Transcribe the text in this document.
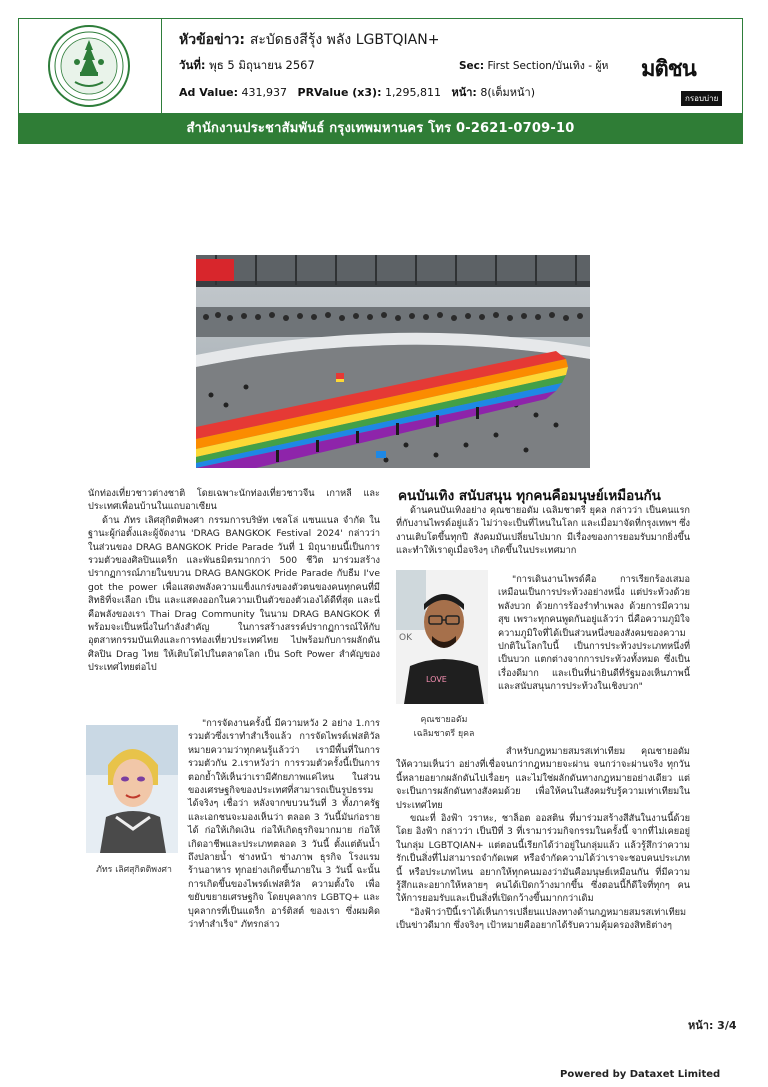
หัวข้อข่าว: สะบัดธงสีรุ้ง พลัง LGBTQIAN+
วันที่: พุธ 5 มิถุนายน 2567	Sec: First Section/บันเทิง - ผู้ห
Ad Value: 431,937 PRValue (x3): 1,295,811 หน้า: 8(เต็มหน้า)
มติชน
กรอบบ่าย
สำนักงานประชาสัมพันธ์ กรุงเทพมหานคร โทร 0-2621-0709-10

นักท่องเที่ยวชาวต่างชาติ โดยเฉพาะนักท่องเที่ยวชาวจีน เกาหลี และประเทศเพื่อนบ้านในแถบอาเซียน

ด้าน ภัทร เลิศสุกิตติพงศา กรรมการบริษัท เชลโล่ แซนแนล จำกัด ในฐานะผู้ก่อตั้งและผู้จัดงาน 'DRAG BANGKOK Festival 2024' กล่าวว่า ในส่วนของ DRAG BANGKOK Pride Parade วันที่ 1 มิถุนายนนี้เป็นการรวมตัวของศิลปินแดร็ก และพันธมิตรมากกว่า 500 ชีวิต มาร่วมสร้างปรากฏการณ์ภายในขบวน DRAG BANGKOK Pride Parade กับธีม I've got the power เพื่อแสดงพลังความแข็งแกร่งของตัวตนของคนทุกคนที่มีสิทธิที่จะเลือก เป็น และแสดงออกในความเป็นตัวของตัวเองได้ดีที่สุด และนี่คือพลังของเรา Thai Drag Community ในนาม DRAG BANGKOK ที่พร้อมจะเป็นหนึ่งในกำลังสำคัญ ในการสร้างสรรค์ปรากฏการณ์ให้กับอุตสาหกรรมบันเทิงและการท่องเที่ยวประเทศไทย ไปพร้อมกับการผลักดันศิลปิน Drag ไทย ให้เติบโตไปในตลาดโลก เป็น Soft Power สำคัญของประเทศไทยต่อไป

"การจัดงานครั้งนี้ มีความหวัง 2 อย่าง 1.การรวมตัวซึ่งเราทำสำเร็จแล้ว การจัดไพรด์เฟสติวัล หมายความว่าทุกคนรู้แล้วว่า เรามีพื้นที่ในการรวมตัวกัน 2.เราหวังว่า การรวมตัวครั้งนี้เป็นการตอกย้ำให้เห็นว่าเรามีศักยภาพแค่ไหน ในส่วนของเศรษฐกิจของประเทศที่สามารถเป็นรูปธรรมได้จริงๆ เชื่อว่า หลังจากขบวนวันที่ 3 ทั้งภาครัฐและเอกชนจะมองเห็นว่า ตลอด 3 วันนี้มันก่อรายได้ ก่อให้เกิดเงิน ก่อให้เกิดธุรกิจมากมาย ก่อให้เกิดอาชีพและประเภทตลอด 3 วันนี้ ตั้งแต่ต้นน้ำถึงปลายน้ำ ช่างหน้า ช่างภาพ ธุรกิจ โรงแรม ร้านอาหาร ทุกอย่างเกิดขึ้นภายใน 3 วันนี้ ฉะนั้นการเกิดขึ้นของไพรด์เฟสติวัล ความตั้งใจ เพื่อขยับขยายเศรษฐกิจ โดยบุคลากร LGBTQ+ และบุคลากรที่เป็นแดร็ก อาร์ติสต์ ของเรา ซึ่งผมคิดว่าทำสำเร็จ" ภัทรกล่าว

ภัทร เลิศสุกิตติพงศา
คนบันเทิง สนับสนุน ทุกคนคือมนุษย์เหมือนกัน

ด้านคนบันเทิงอย่าง คุณชายอดัม เฉลิมชาตรี ยุคล กล่าวว่า เป็นคนแรกที่กับงานไพรด์อยู่แล้ว ไม่ว่าจะเป็นที่ไหนในโลก และเมื่อมาจัดที่กรุงเทพฯ ซึ่งงานเติบโตขึ้นทุกปี สังคมมันเปลี่ยนไปมาก มีเรื่องของการยอมรับมากยิ่งขึ้น และทำให้เราดูเมื่อจริงๆ เกิดขึ้นในประเทศมาก

OK
LOVE
คุณชายอดัม
เฉลิมชาตรี ยุคล

"การเดินงานไพรด์คือ การเรียกร้องเสมอเหมือนเป็นการประท้วงอย่างหนึ่ง แต่ประท้วงด้วยพลังบวก ด้วยการร้องรำทำเพลง ด้วยการมีความสุข เพราะทุกคนพูดกันอยู่แล้วว่า นี่คือความภูมิใจ ความภูมิใจที่ได้เป็นส่วนหนึ่งของสังคมของความปกติในโลกใบนี้ เป็นการประท้วงประเภทหนึ่งที่เป็นบวก แตกต่างจากการประท้วงทั้งหมด ซึ่งเป็นเรื่องดีมาก และเป็นที่น่ายินดีที่รัฐมองเห็นภาพนี้ และสนับสนุนการประท้วงในเชิงบวก"

สำหรับกฎหมายสมรสเท่าเทียม คุณชายอดัม ให้ความเห็นว่า อย่างที่เชื่อจนกว่ากฎหมายจะผ่าน จนกว่าจะผ่านจริง ทุกวันนี้หลายอยากผลักดันไปเรื่อยๆ และไม่ใช่ผลักดันทางกฎหมายอย่างเดียว แต่จะเป็นการผลักดันทางสังคมด้วย เพื่อให้คนในสังคมรับรู้ความเท่าเทียมในประเทศไทย

ขณะที่ อิงฟ้า วราหะ, ชาล็อต ออสติน ที่มาร่วมสร้างสีสันในงานนี้ด้วย โดย อิงฟ้า กล่าวว่า เป็นปีที่ 3 ที่เรามาร่วมกิจกรรมในครั้งนี้ จากที่ไม่เคยอยู่ในกลุ่ม LGBTQIAN+ แต่ตอนนี้เรียกได้ว่าอยู่ในกลุ่มแล้ว แล้วรู้สึกว่าความรักเป็นสิ่งที่ไม่สามารถจำกัดเพศ หรือจำกัดความได้ว่าเราจะชอบคนประเภทนี้ หรือประเภทไหน อยากให้ทุกคนมองว่ามันคือมนุษย์เหมือนกัน ที่มีความรู้สึกและอยากให้หลายๆ คนได้เปิดกว้างมากขึ้น ซึ่งตอนนี้ก็ดีใจที่ทุกๆ คนให้การยอมรับและเป็นสิ่งที่เปิดกว้างขึ้นมากกว่าเดิม

"อิงฟ้าว่าปีนี้เราได้เห็นการเปลี่ยนแปลงทางด้านกฎหมายสมรสเท่าเทียม เป็นข่าวดีมาก ซึ่งจริงๆ เป้าหมายคืออยากได้รับความคุ้มครองสิทธิต่างๆ

หน้า: 3/4
Powered by Dataxet Limited
